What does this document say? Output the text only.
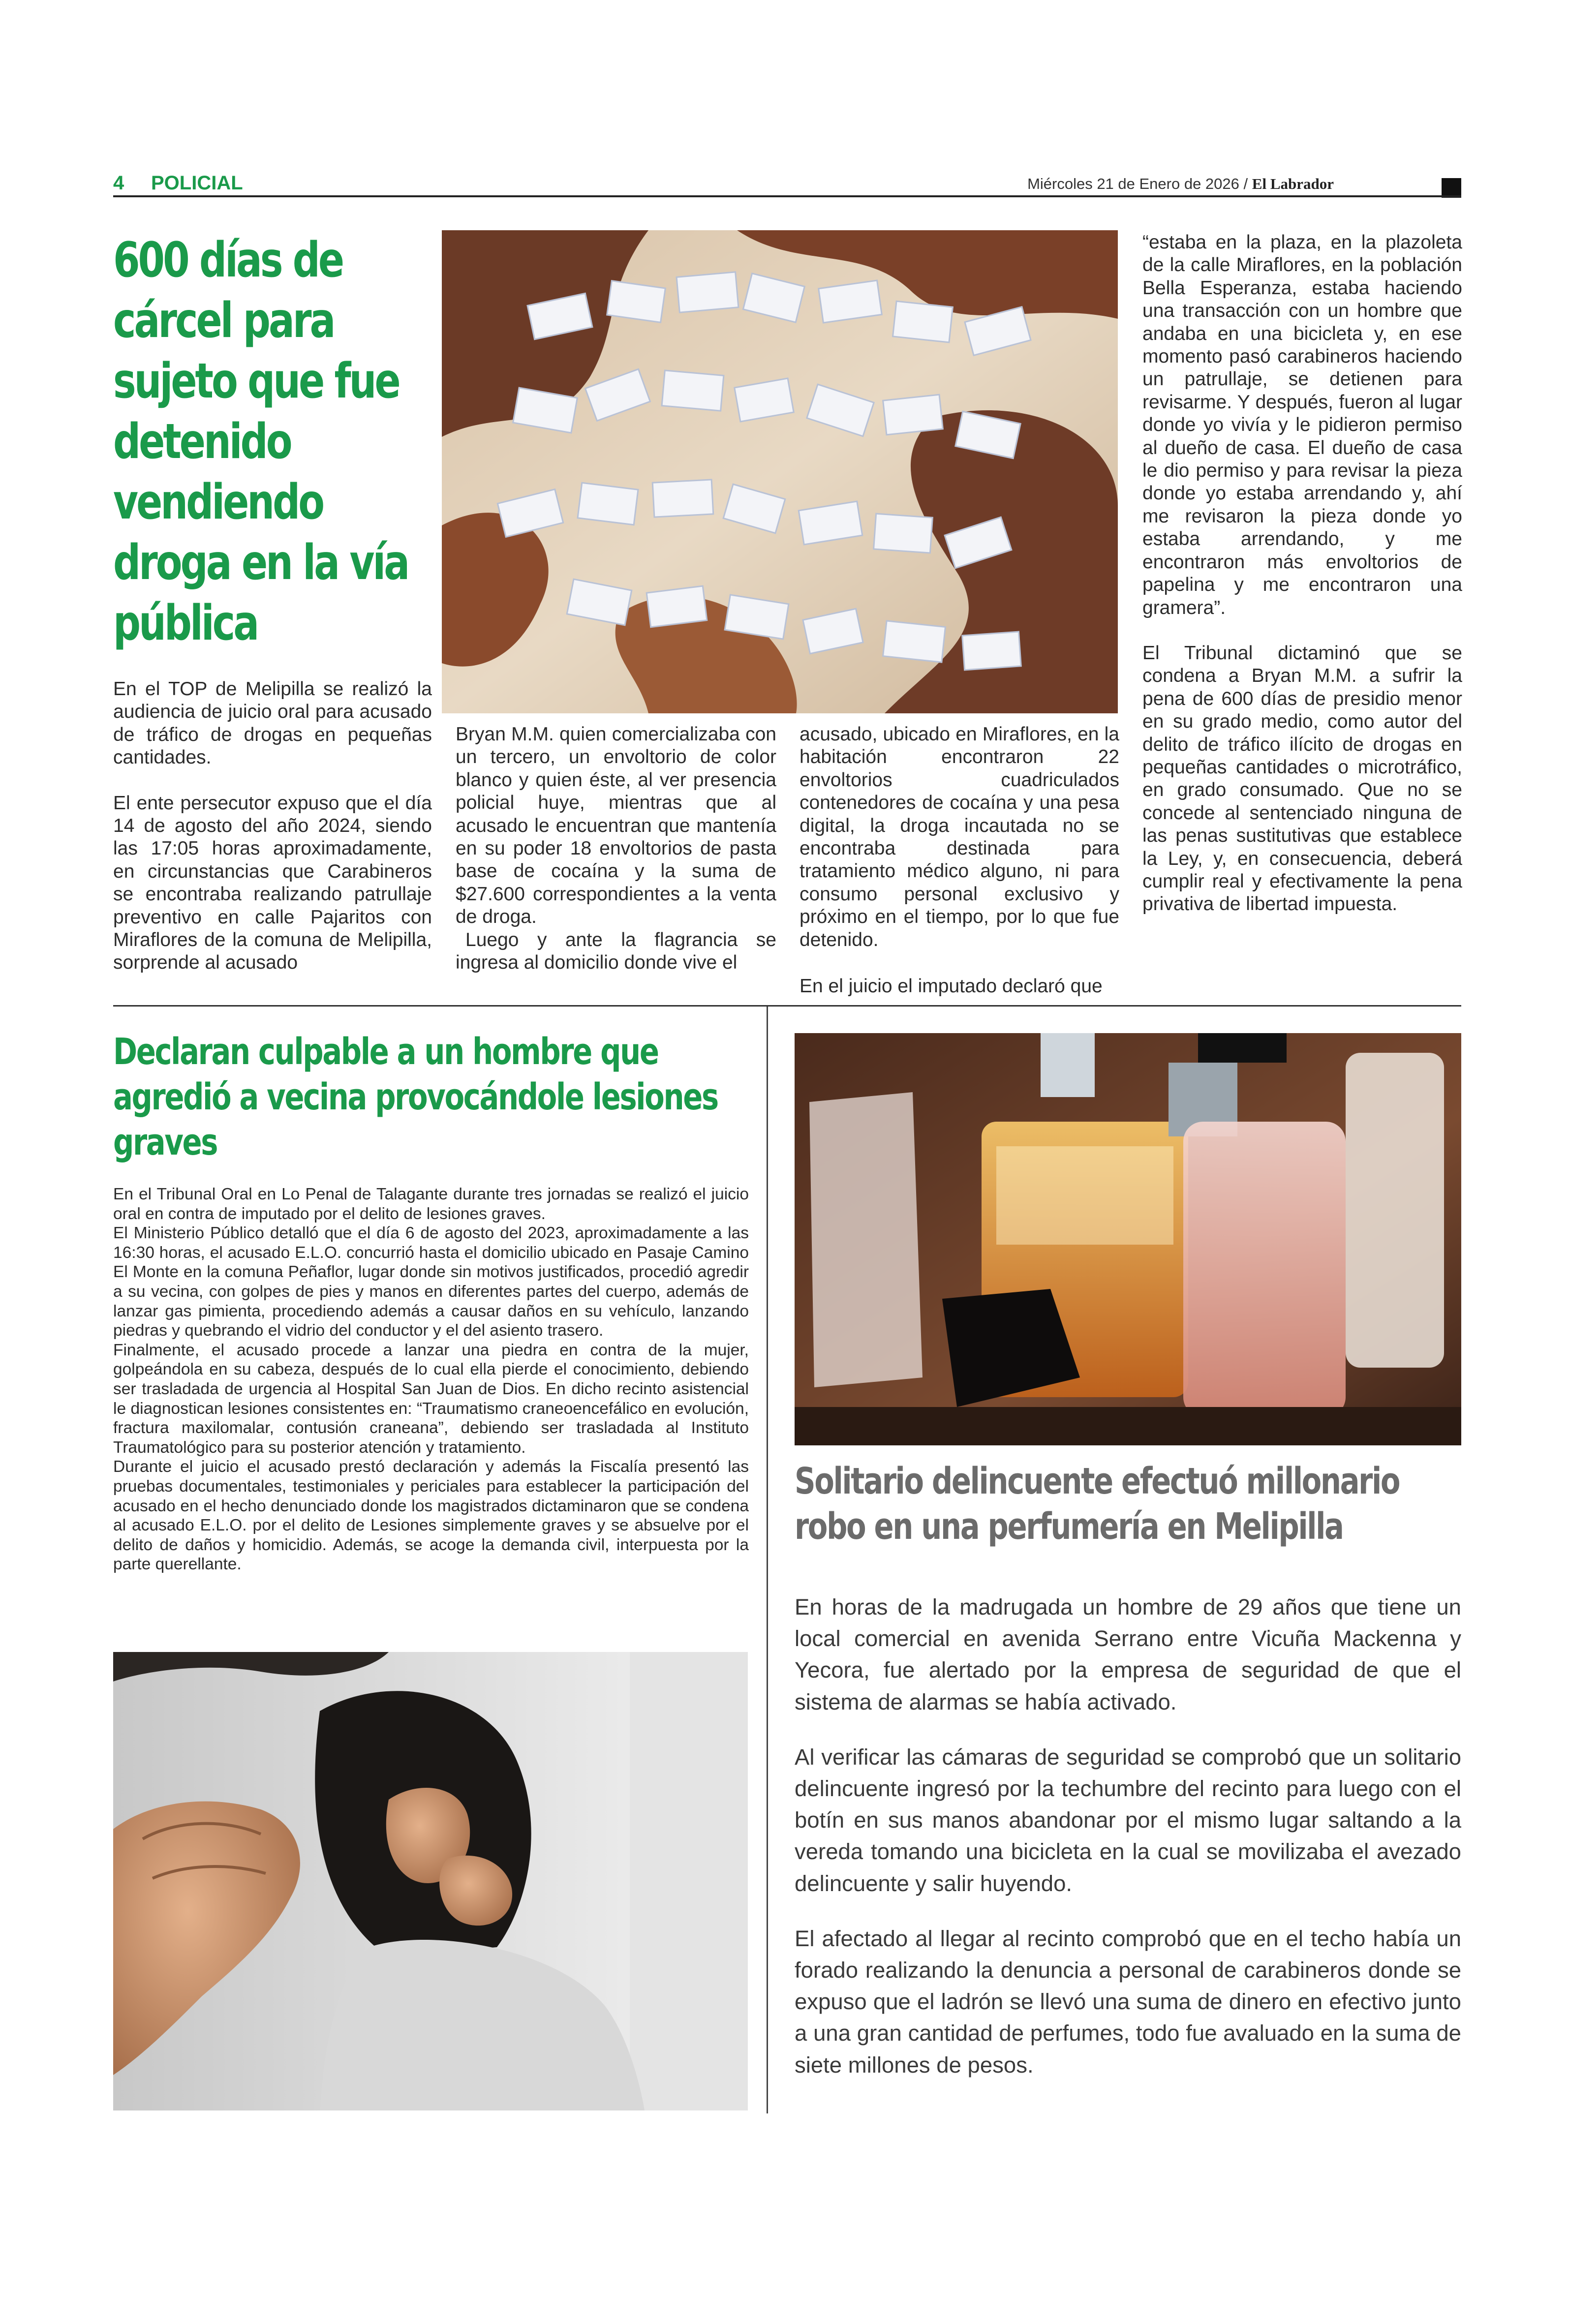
4 POLICIAL	Miércoles 21 de Enero de 2026 / El Labrador
600 días de cárcel para sujeto que fue detenido vendiendo droga en la vía pública

En el TOP de Melipilla se realizó la audiencia de juicio oral para acusado de tráfico de drogas en pequeñas cantidades.

El ente persecutor expuso que el día 14 de agosto del año 2024, siendo las 17:05 horas aproximadamente, en circunstancias que Carabineros se encontraba realizando patrullaje preventivo en calle Pajaritos con Miraflores de la comuna de Melipilla, sorprende al acusado

Bryan M.M. quien comercializaba con un tercero, un envoltorio de color blanco y quien éste, al ver presencia policial huye, mientras que al acusado le encuentran que mantenía en su poder 18 envoltorios de pasta base de cocaína y la suma de $27.600 correspondientes a la venta de droga.

Luego y ante la flagrancia se ingresa al domicilio donde vive el

acusado, ubicado en Miraflores, en la habitación encontraron 22 envoltorios cuadriculados contenedores de cocaína y una pesa digital, la droga incautada no se encontraba destinada para tratamiento médico alguno, ni para consumo personal exclusivo y próximo en el tiempo, por lo que fue detenido.

En el juicio el imputado declaró que

“estaba en la plaza, en la plazoleta de la calle Miraflores, en la población Bella Esperanza, estaba haciendo una transacción con un hombre que andaba en una bicicleta y, en ese momento pasó carabineros haciendo un patrullaje, se detienen para revisarme. Y después, fueron al lugar donde yo vivía y le pidieron permiso al dueño de casa. El dueño de casa le dio permiso y para revisar la pieza donde yo estaba arrendando y, ahí me revisaron la pieza donde yo estaba arrendando, y me encontraron más envoltorios de papelina y me encontraron una gramera”.

El Tribunal dictaminó que se condena a Bryan M.M. a sufrir la pena de 600 días de presidio menor en su grado medio, como autor del delito de tráfico ilícito de drogas en pequeñas cantidades o microtráfico, en grado consumado. Que no se concede al sentenciado ninguna de las penas sustitutivas que establece la Ley, y, en consecuencia, deberá cumplir real y efectivamente la pena privativa de libertad impuesta.

Declaran culpable a un hombre que agredió a vecina provocándole lesiones graves

En el Tribunal Oral en Lo Penal de Talagante durante tres jornadas se realizó el juicio oral en contra de imputado por el delito de lesiones graves.

El Ministerio Público detalló que el día 6 de agosto del 2023, aproximadamente a las 16:30 horas, el acusado E.L.O. concurrió hasta el domicilio ubicado en Pasaje Camino El Monte en la comuna Peñaflor, lugar donde sin motivos justificados, procedió agredir a su vecina, con golpes de pies y manos en diferentes partes del cuerpo, además de lanzar gas pimienta, procediendo además a causar daños en su vehículo, lanzando piedras y quebrando el vidrio del conductor y el del asiento trasero.

Finalmente, el acusado procede a lanzar una piedra en contra de la mujer, golpeándola en su cabeza, después de lo cual ella pierde el conocimiento, debiendo ser trasladada de urgencia al Hospital San Juan de Dios. En dicho recinto asistencial le diagnostican lesiones consistentes en: “Traumatismo craneoencefálico en evolución, fractura maxilomalar, contusión craneana”, debiendo ser trasladada al Instituto Traumatológico para su posterior atención y tratamiento.

Durante el juicio el acusado prestó declaración y además la Fiscalía presentó las pruebas documentales, testimoniales y periciales para establecer la participación del acusado en el hecho denunciado donde los magistrados dictaminaron que se condena al acusado E.L.O. por el delito de Lesiones simplemente graves y se absuelve por el delito de daños y homicidio. Además, se acoge la demanda civil, interpuesta por la parte querellante.

Solitario delincuente efectuó millonario robo en una perfumería en Melipilla

En horas de la madrugada un hombre de 29 años que tiene un local comercial en avenida Serrano entre Vicuña Mackenna y Yecora, fue alertado por la empresa de seguridad de que el sistema de alarmas se había activado.

Al verificar las cámaras de seguridad se comprobó que un solitario delincuente ingresó por la techumbre del recinto para luego con el botín en sus manos abandonar por el mismo lugar saltando a la vereda tomando una bicicleta en la cual se movilizaba el avezado delincuente y salir huyendo.

El afectado al llegar al recinto comprobó que en el techo había un forado realizando la denuncia a personal de carabineros donde se expuso que el ladrón se llevó una suma de dinero en efectivo junto a una gran cantidad de perfumes, todo fue avaluado en la suma de siete millones de pesos.
